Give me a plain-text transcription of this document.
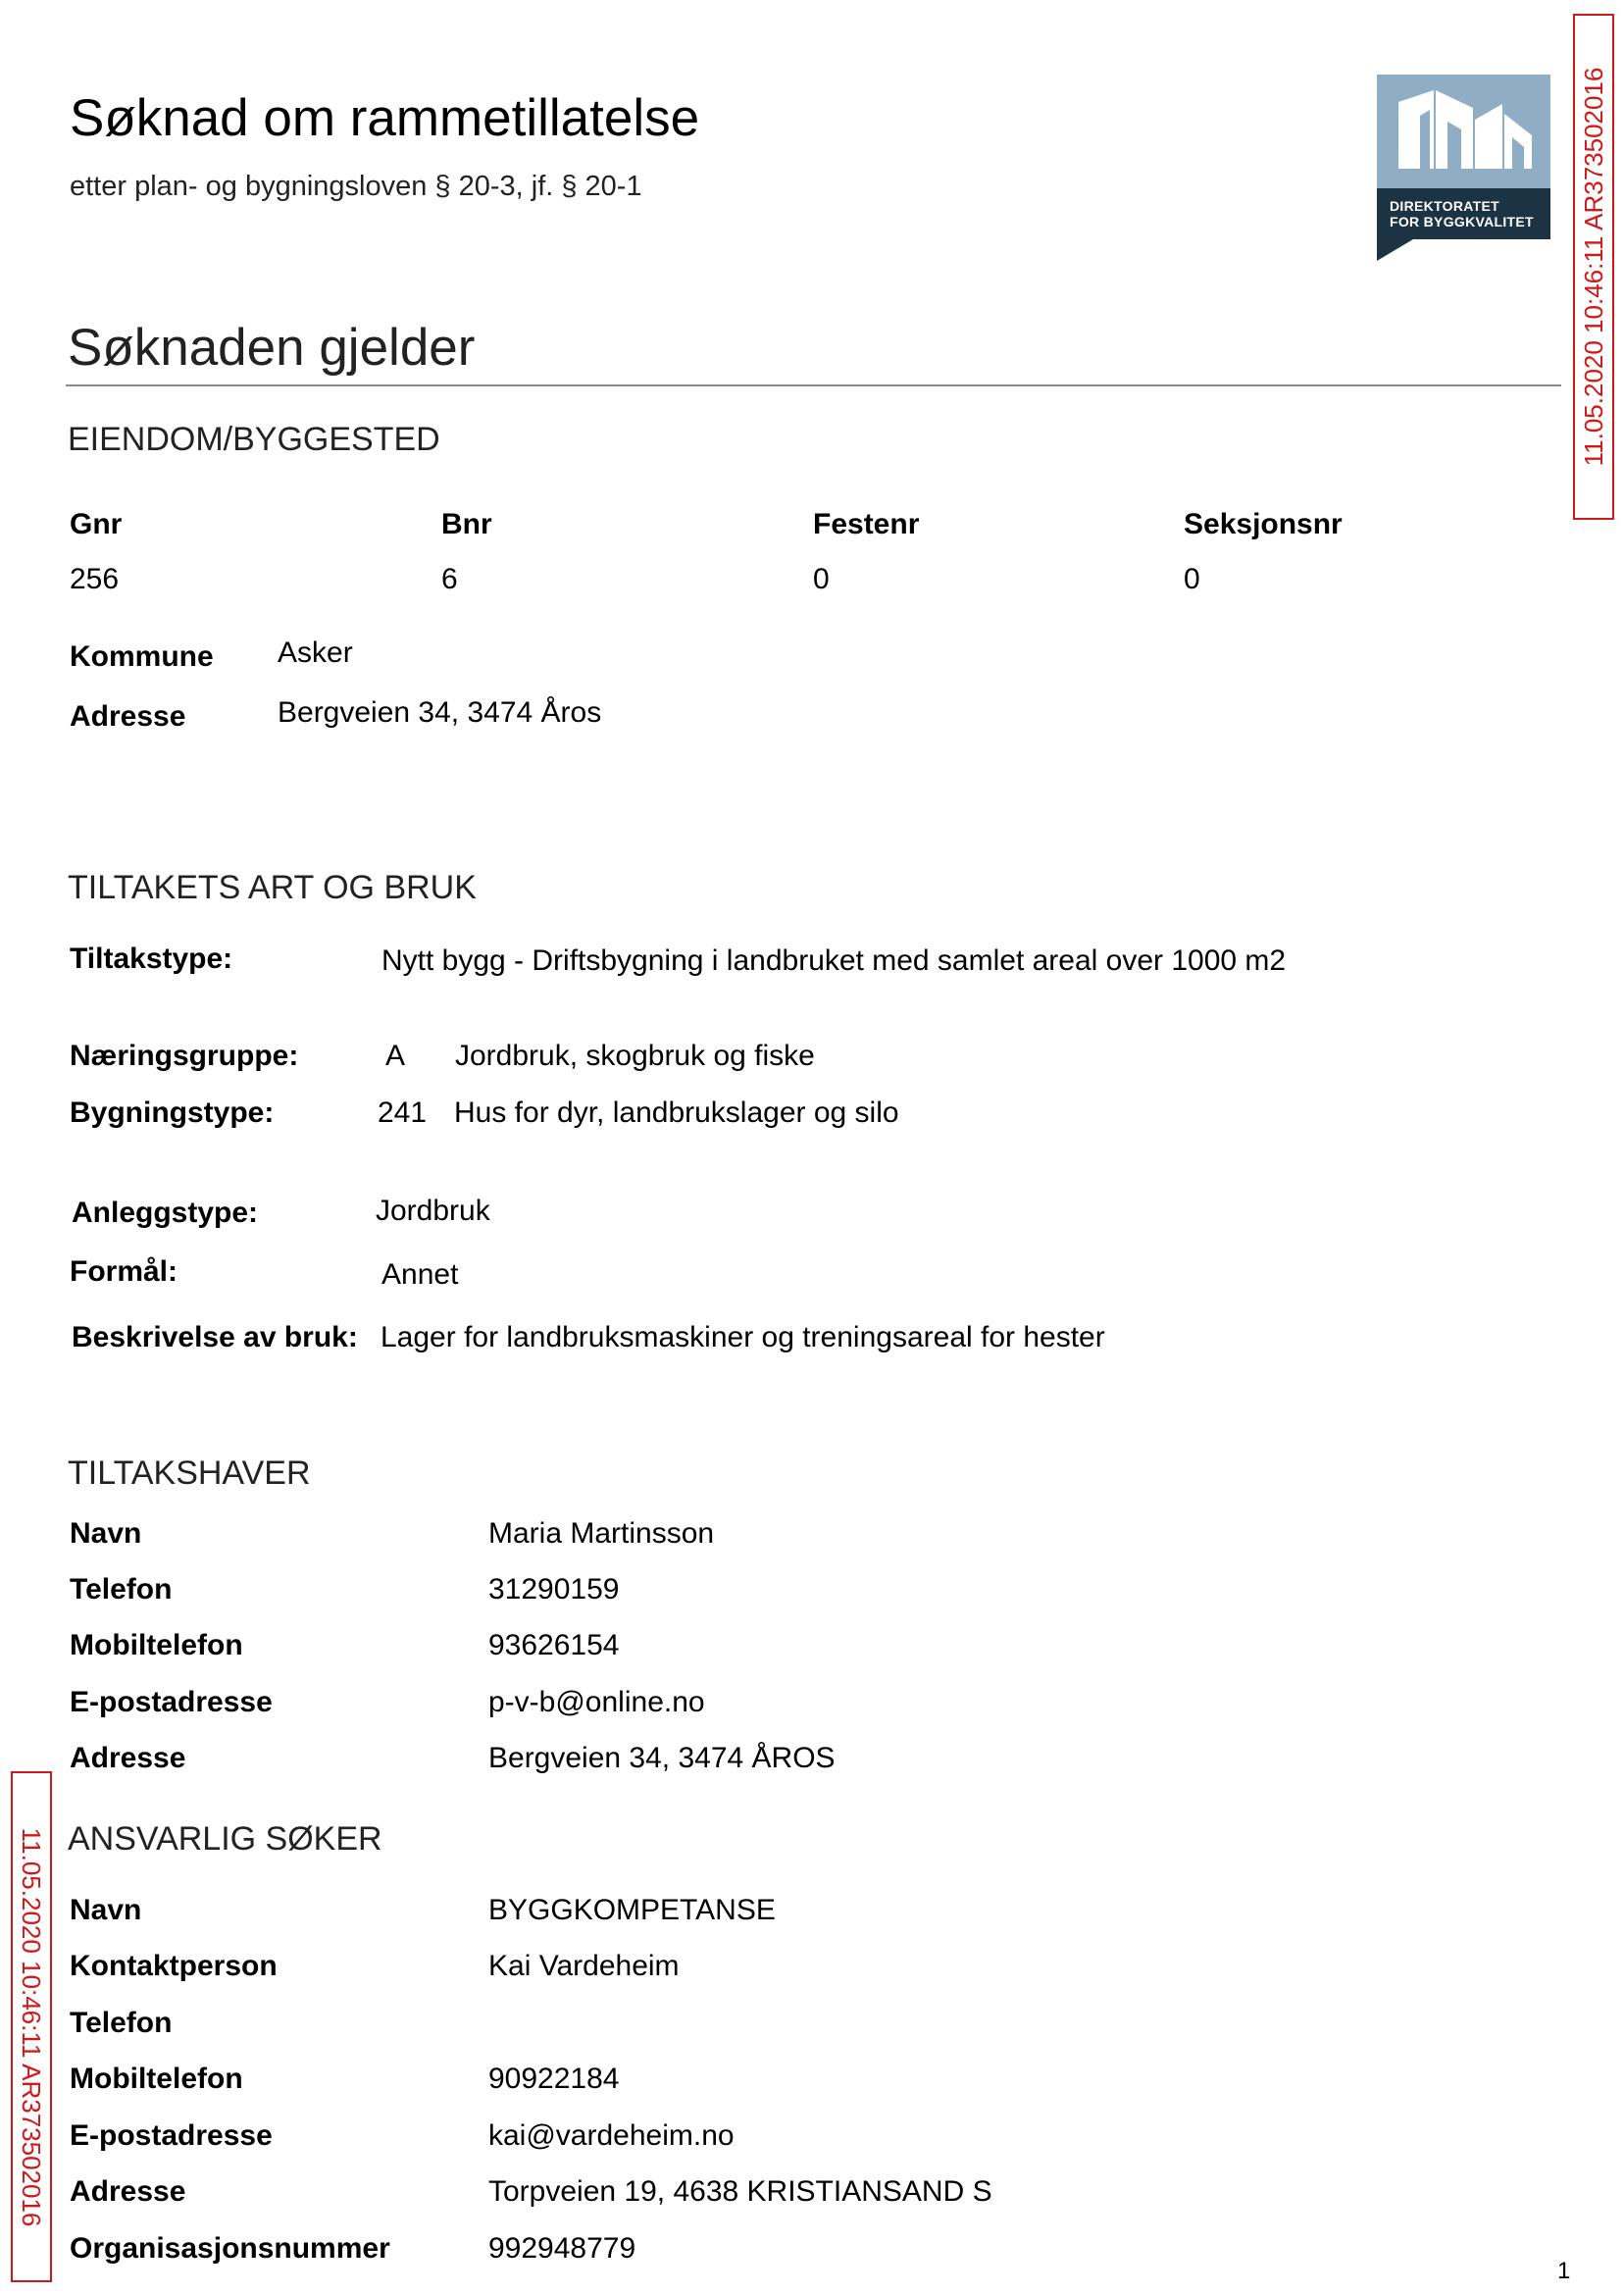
Søknad om rammetillatelse
etter plan- og bygningsloven § 20-3, jf. § 20-1
DIREKTORATET
FOR BYGGKVALITET 11.05.2020 10:46:11 AR373502016
11.05.2020 10:46:11 AR373502016
Søknaden gjelder
EIENDOM/BYGGESTED
Gnr	Bnr	Festenr	Seksjonsnr
256	6	0	0
Kommune Asker
Adresse	Bergveien 34, 3474 Åros
TILTAKETS ART OG BRUK
Tiltakstype:	Nytt bygg - Driftsbygning i landbruket med samlet areal over 1000 m2
Næringsgruppe:	A Jordbruk, skogbruk og fiske
Bygningstype:	241 Hus for dyr, landbrukslager og silo
Anleggstype:	Jordbruk
Formål:	Annet
Beskrivelse av bruk: Lager for landbruksmaskiner og treningsareal for hester
TILTAKSHAVER
Navn	Maria Martinsson
Telefon	31290159
Mobiltelefon	93626154
E-postadresse	p-v-b@online.no
Adresse	Bergveien 34, 3474 ÅROS
ANSVARLIG SØKER
Navn	BYGGKOMPETANSE
Kontaktperson	Kai Vardeheim
Telefon
Mobiltelefon	90922184
E-postadresse	kai@vardeheim.no
Adresse	Torpveien 19, 4638 KRISTIANSAND S
Organisasjonsnummer	992948779
1
